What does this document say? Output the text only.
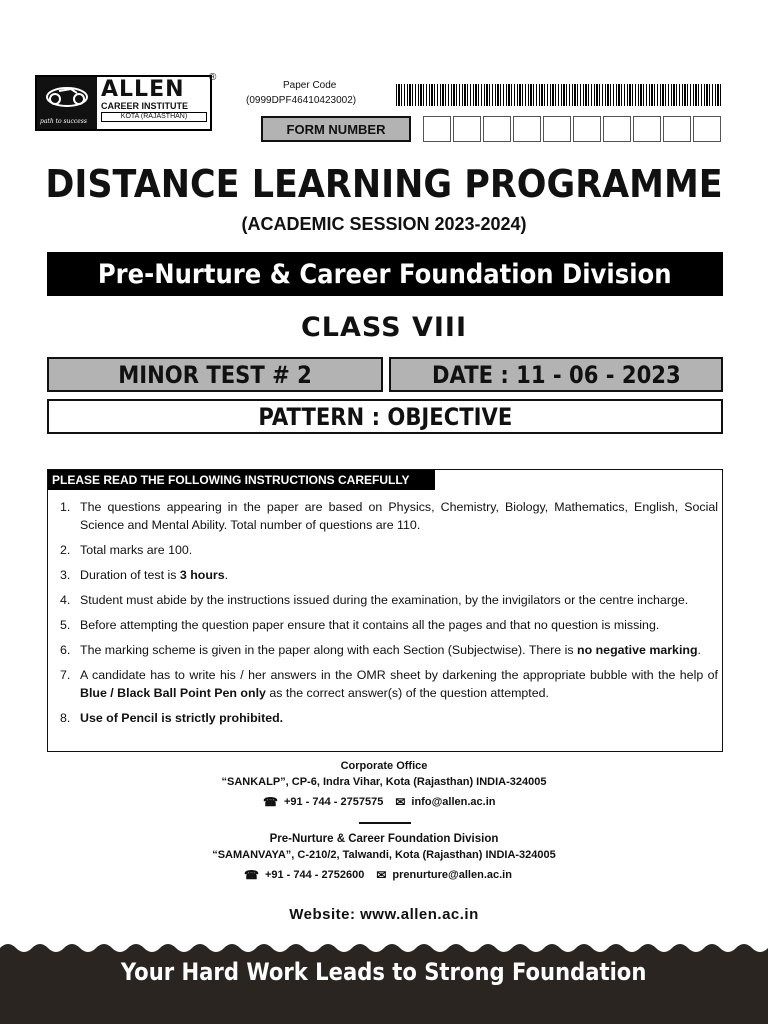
path to success
ALLEN
CAREER INSTITUTE
KOTA (RAJASTHAN)
®
Paper Code
(0999DPF46410423002)
FORM NUMBER
DISTANCE LEARNING PROGRAMME
(ACADEMIC SESSION 2023-2024)
Pre-Nurture & Career Foundation Division
CLASS VIII
MINOR TEST # 2	DATE : 11 - 06 - 2023
PATTERN : OBJECTIVE
PLEASE READ THE FOLLOWING INSTRUCTIONS CAREFULLY
1. The questions appearing in the paper are based on Physics, Chemistry, Biology, Mathematics, English, Social Science and Mental Ability. Total number of questions are 110.
2. Total marks are 100.
3. Duration of test is 3 hours.
4. Student must abide by the instructions issued during the examination, by the invigilators or the centre incharge.
5. Before attempting the question paper ensure that it contains all the pages and that no question is missing.
6. The marking scheme is given in the paper along with each Section (Subjectwise). There is no negative marking.
7. A candidate has to write his / her answers in the OMR sheet by darkening the appropriate bubble with the help of Blue / Black Ball Point Pen only as the correct answer(s) of the question attempted.
8. Use of Pencil is strictly prohibited.
Corporate Office
“SANKALP”, CP-6, Indra Vihar, Kota (Rajasthan) INDIA-324005
☎ +91 - 744 - 2757575 ✉ info@allen.ac.in
Pre-Nurture & Career Foundation Division
“SAMANVAYA”, C-210/2, Talwandi, Kota (Rajasthan) INDIA-324005
☎ +91 - 744 - 2752600 ✉ prenurture@allen.ac.in
Website: www.allen.ac.in
Your Hard Work Leads to Strong Foundation
